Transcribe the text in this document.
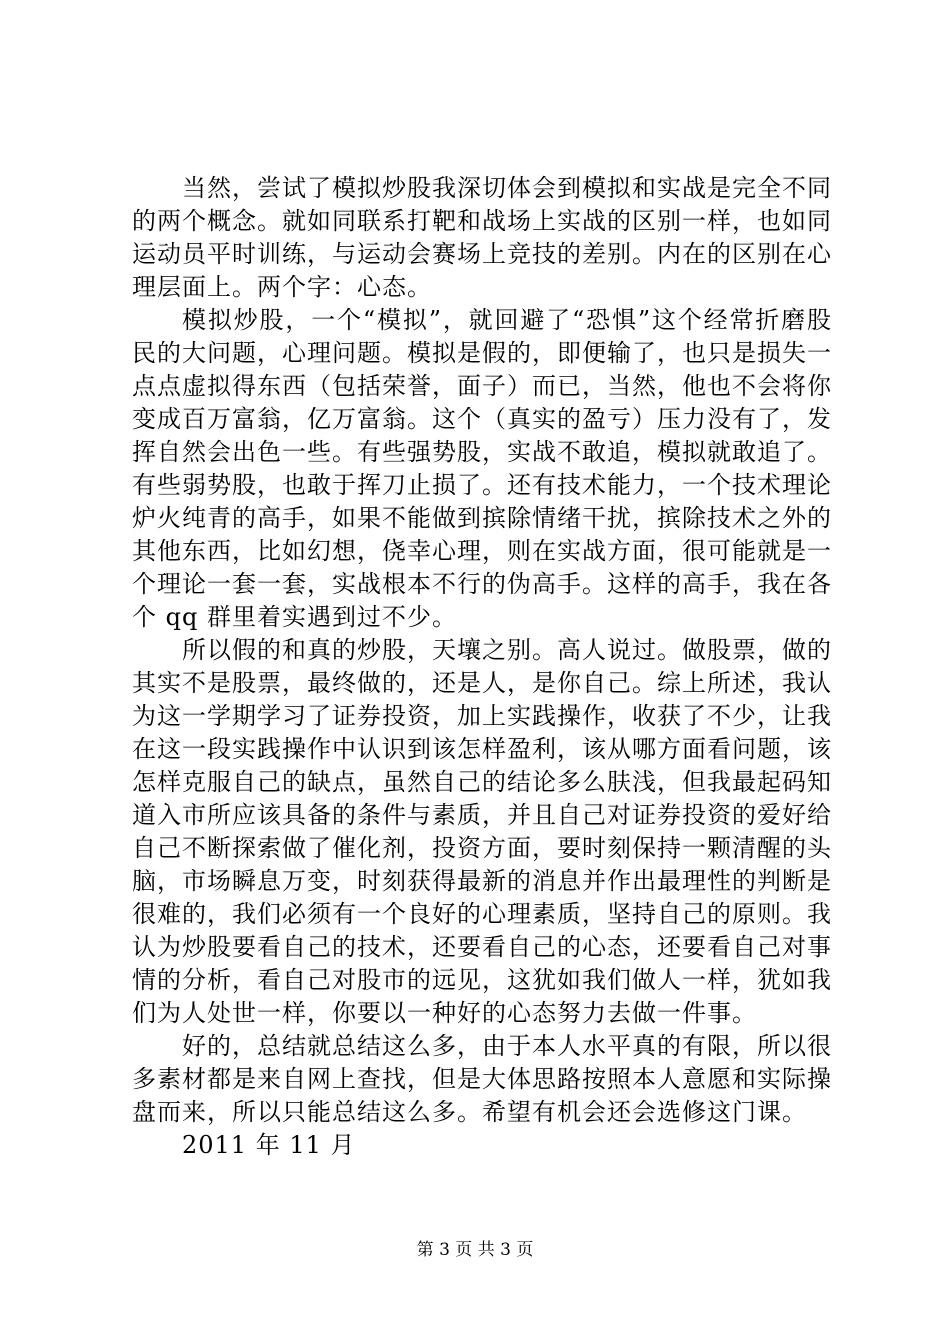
当然，尝试了模拟炒股我深切体会到模拟和实战是完全不同的两个概念。就如同联系打靶和战场上实战的区别一样，也如同运动员平时训练，与运动会赛场上竞技的差别。内在的区别在心理层面上。两个字：心态。

模拟炒股，一个“模拟”，就回避了“恐惧”这个经常折磨股民的大问题，心理问题。模拟是假的，即便输了，也只是损失一点点虚拟得东西（包括荣誉，面子）而已，当然，他也不会将你变成百万富翁，亿万富翁。这个（真实的盈亏）压力没有了，发挥自然会出色一些。有些强势股，实战不敢追，模拟就敢追了。有些弱势股，也敢于挥刀止损了。还有技术能力，一个技术理论炉火纯青的高手，如果不能做到摈除情绪干扰，摈除技术之外的其他东西，比如幻想，侥幸心理，则在实战方面，很可能就是一个理论一套一套，实战根本不行的伪高手。这样的高手，我在各个 qq 群里着实遇到过不少。

所以假的和真的炒股，天壤之别。高人说过。做股票，做的其实不是股票，最终做的，还是人，是你自己。综上所述，我认为这一学期学习了证券投资，加上实践操作，收获了不少，让我在这一段实践操作中认识到该怎样盈利，该从哪方面看问题，该怎样克服自己的缺点，虽然自己的结论多么肤浅，但我最起码知道入市所应该具备的条件与素质，并且自己对证券投资的爱好给自己不断探索做了催化剂，投资方面，要时刻保持一颗清醒的头脑，市场瞬息万变，时刻获得最新的消息并作出最理性的判断是很难的，我们必须有一个良好的心理素质，坚持自己的原则。我认为炒股要看自己的技术，还要看自己的心态，还要看自己对事情的分析，看自己对股市的远见，这犹如我们做人一样，犹如我们为人处世一样，你要以一种好的心态努力去做一件事。

好的，总结就总结这么多，由于本人水平真的有限，所以很多素材都是来自网上查找，但是大体思路按照本人意愿和实际操盘而来，所以只能总结这么多。希望有机会还会选修这门课。

2011 年 11 月

第 3 页 共 3 页
